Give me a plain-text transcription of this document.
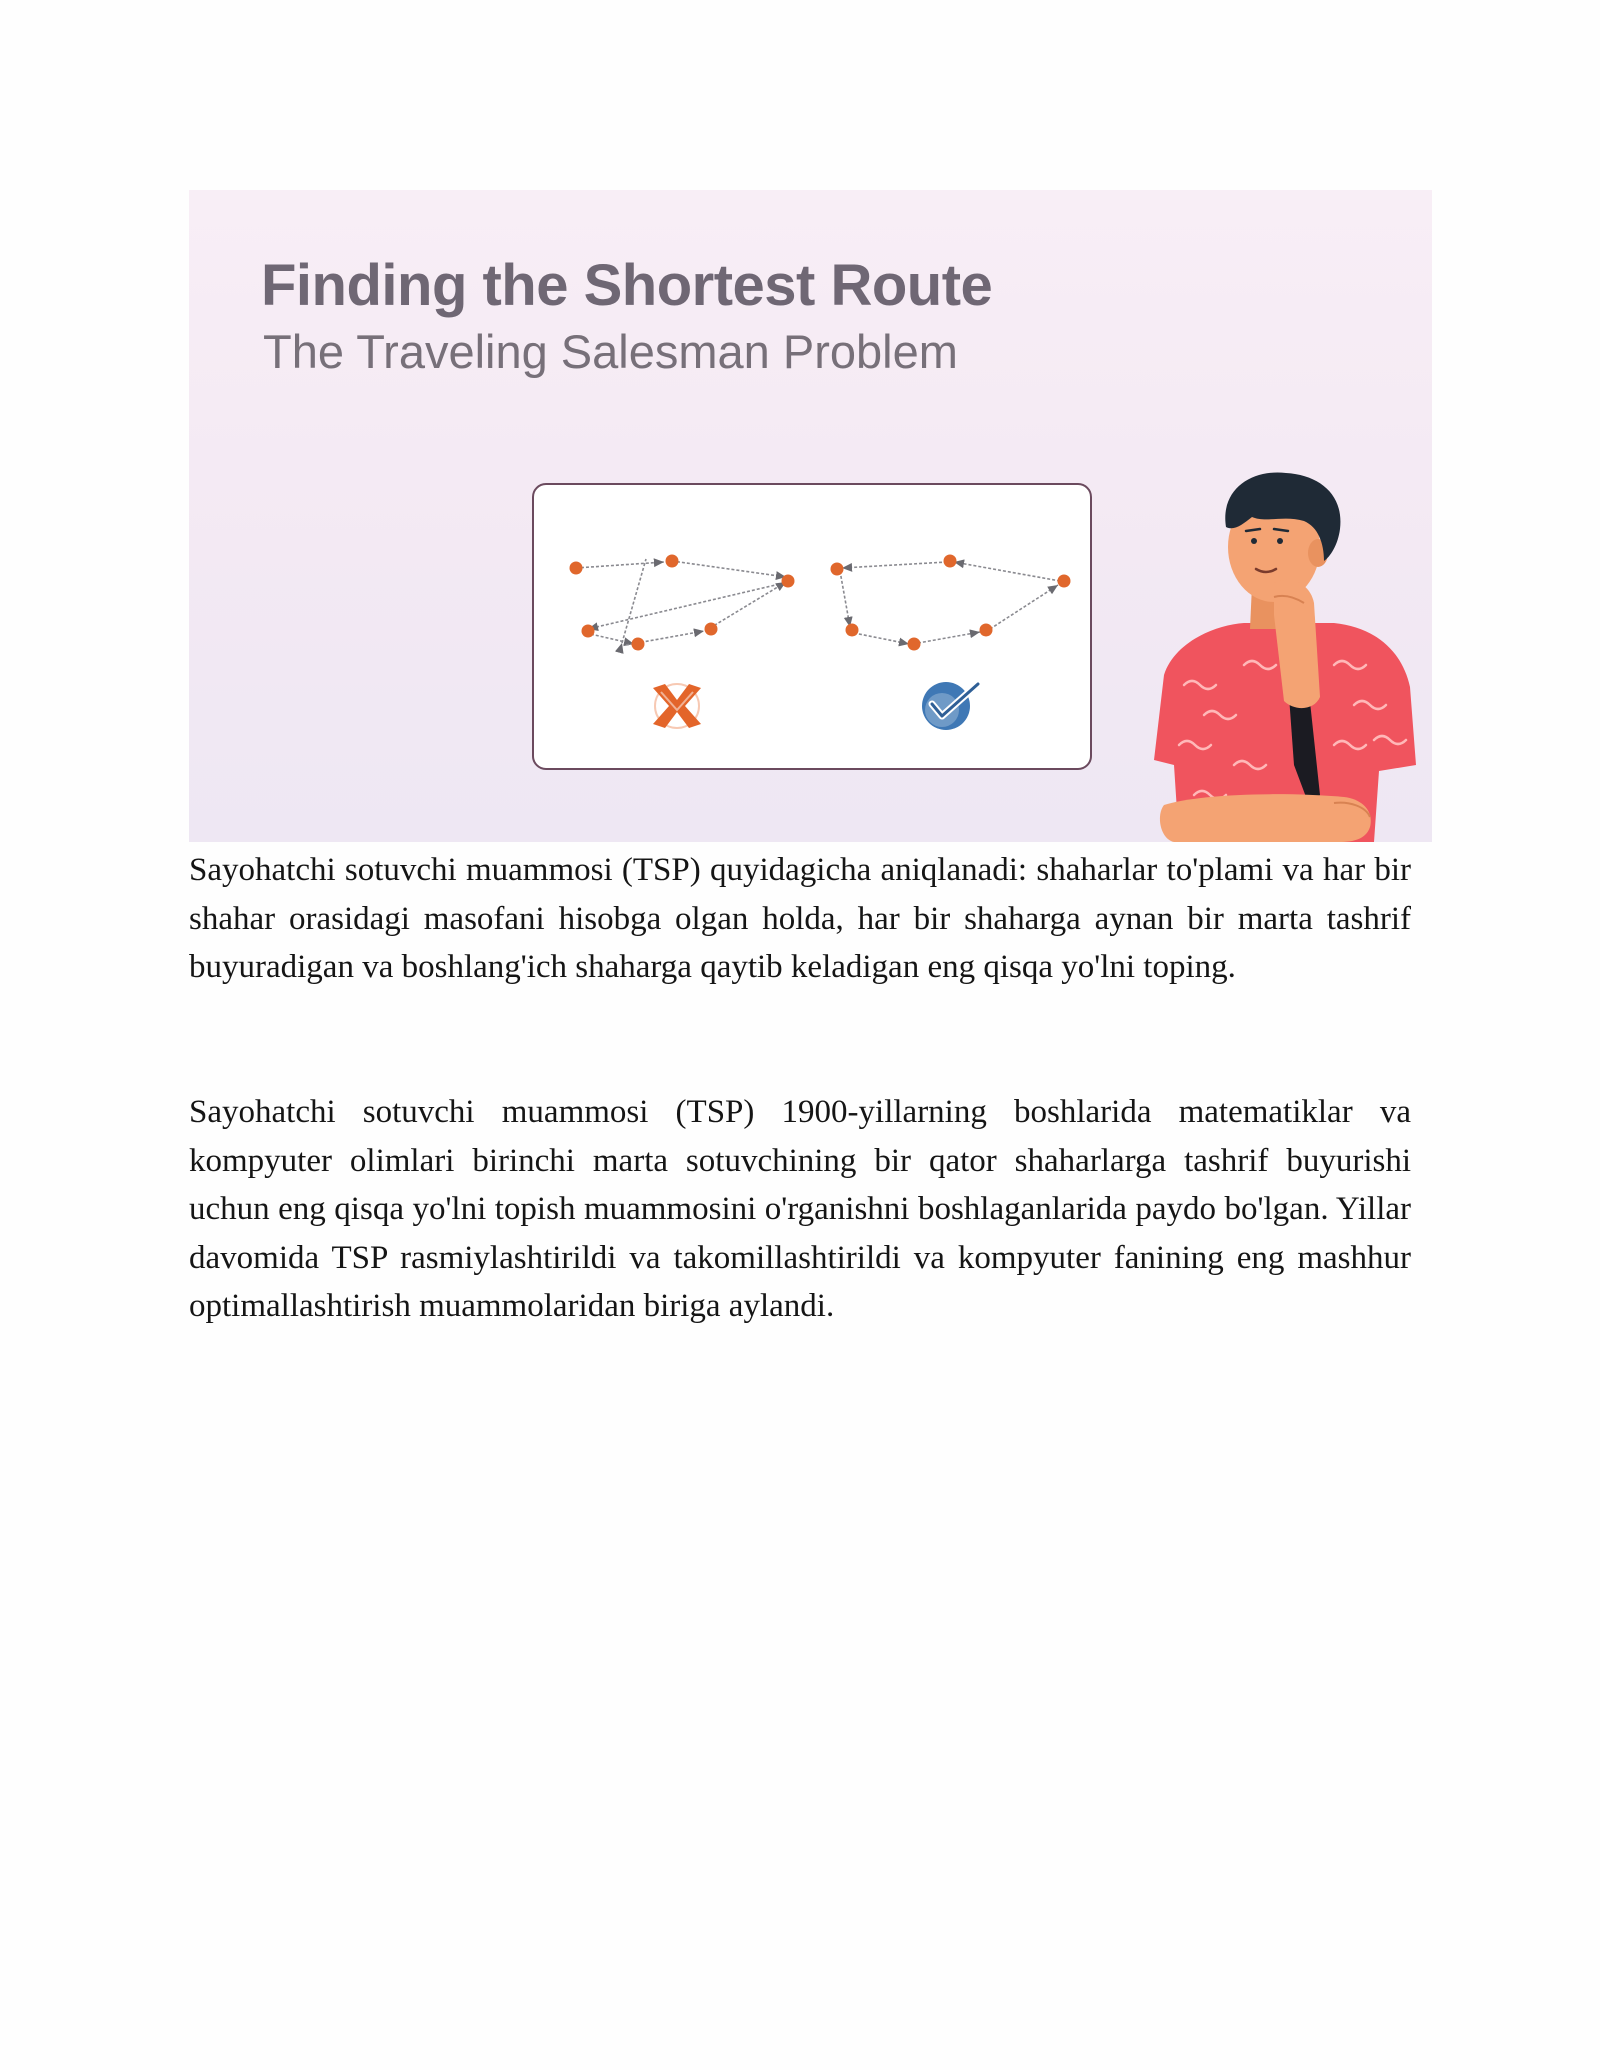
Finding the Shortest Route
The Traveling Salesman Problem

Sayohatchi sotuvchi muammosi (TSP) quyidagicha aniqlanadi: shaharlar to'plami va har bir shahar orasidagi masofani hisobga olgan holda, har bir shaharga aynan bir marta tashrif buyuradigan va boshlang'ich shaharga qaytib keladigan eng qisqa yo'lni toping.

Sayohatchi sotuvchi muammosi (TSP) 1900-yillarning boshlarida matematiklar va kompyuter olimlari birinchi marta sotuvchining bir qator shaharlarga tashrif buyurishi uchun eng qisqa yo'lni topish muammosini o'rganishni boshlaganlarida paydo bo'lgan. Yillar davomida TSP rasmiylashtirildi va takomillashtirildi va kompyuter fanining eng mashhur optimallashtirish muammolaridan biriga aylandi.
